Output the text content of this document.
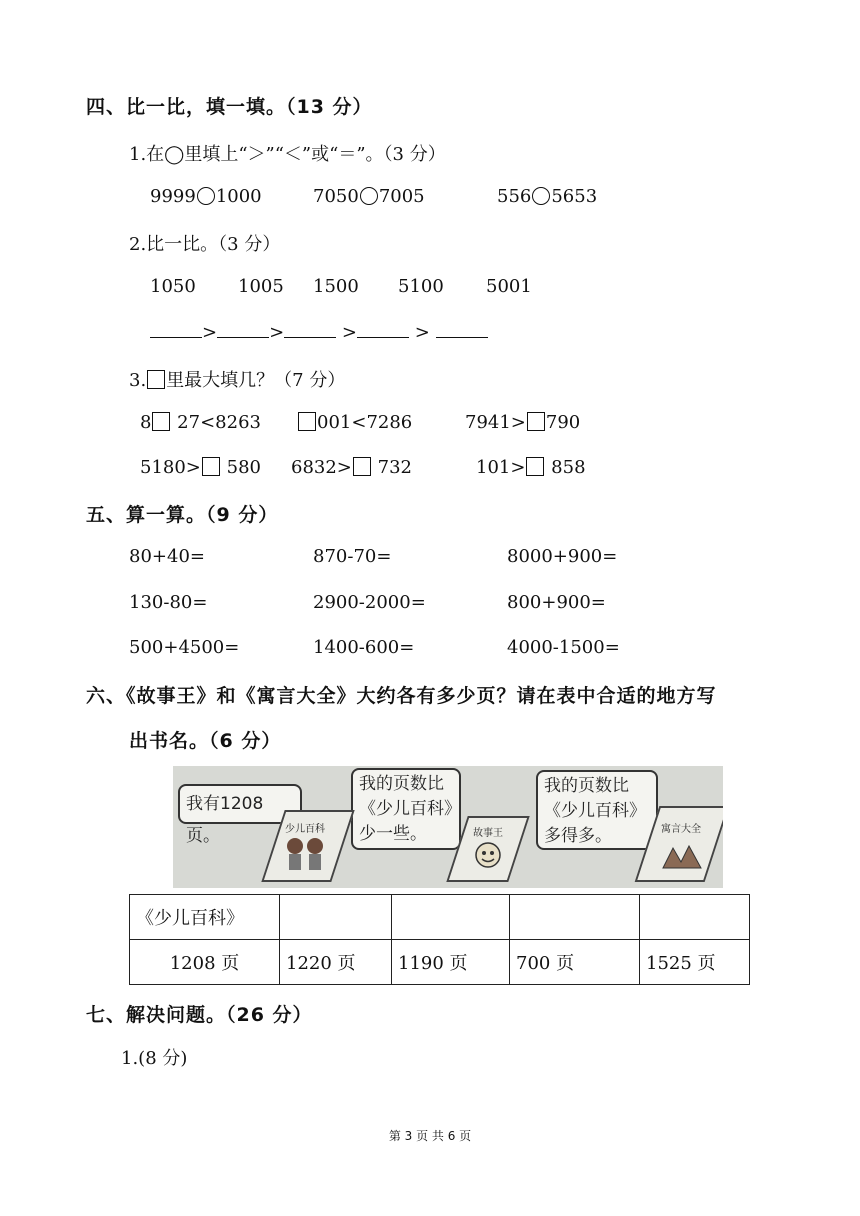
四、比一比，填一填。（13 分）
1.在◯里填上“＞”“＜”或“＝”。（3 分）
9999 1000	7050 7005	556 5653
2.比一比。（3 分）
1050 1005 1500 5100 5001
>	>	>	>
3. 里最大填几？（7 分）
8 27<8263	001<7286	7941> 790
5180> 580 6832> 732	101> 858
五、算一算。（9 分）
80+40=	870-70=	8000+900=
130-80=	2900-2000=	800+900=
500+4500=	1400-600=	4000-1500=
六、《故事王》和《寓言大全》大约各有多少页？请在表中合适的地方写
出书名。（6 分）
我有1208页。
我的页数比
《少儿百科》
少一些。
我的页数比
《少儿百科》
多得多。
少儿百科	故事王	寓言大全
《少儿百科》				
1208 页	1220 页	1190 页	700 页	1525 页
七、解决问题。（26 分）
1.(8 分)
第 3 页 共 6 页
